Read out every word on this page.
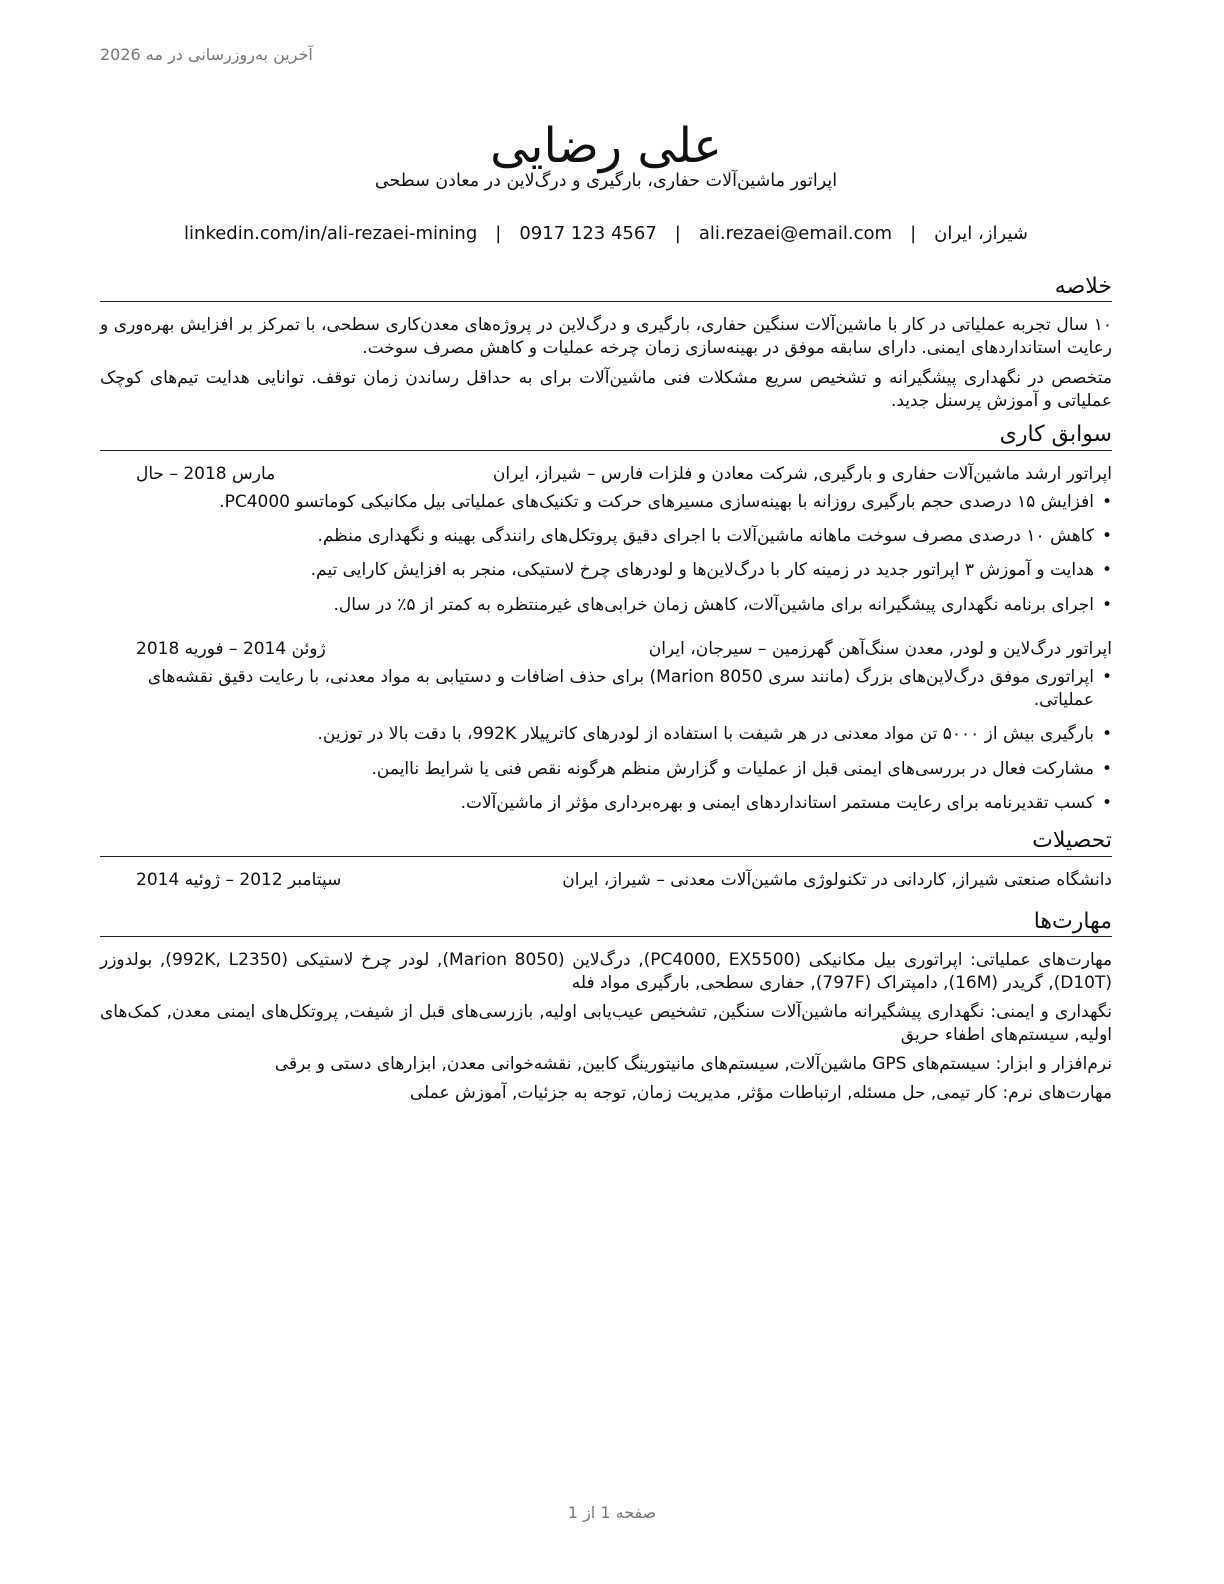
آخرین به‌روزرسانی در مه 2026
علی رضایی
اپراتور ماشین‌آلات حفاری، بارگیری و درگ‌لاین در معادن سطحی
شیراز، ایران
|
ali.rezaei@email.com
|
0917 123 4567
|
linkedin.com/in/ali-rezaei-mining
خلاصه

۱۰ سال تجربه عملیاتی در کار با ماشین‌آلات سنگین حفاری، بارگیری و درگ‌لاین در پروژه‌های معدن‌کاری سطحی، با تمرکز بر افزایش بهره‌وری و رعایت استانداردهای ایمنی. دارای سابقه موفق در بهینه‌سازی زمان چرخه عملیات و کاهش مصرف سوخت.

متخصص در نگهداری پیشگیرانه و تشخیص سریع مشکلات فنی ماشین‌آلات برای به حداقل رساندن زمان توقف. توانایی هدایت تیم‌های کوچک عملیاتی و آموزش پرسنل جدید.

سوابق کاری
اپراتور ارشد ماشین‌آلات حفاری و بارگیری, شرکت معادن و فلزات فارس – شیراز، ایران
مارس 2018 – حال
• افزایش ۱۵ درصدی حجم بارگیری روزانه با بهینه‌سازی مسیرهای حرکت و تکنیک‌های عملیاتی بیل مکانیکی کوماتسو PC4000.
• کاهش ۱۰ درصدی مصرف سوخت ماهانه ماشین‌آلات با اجرای دقیق پروتکل‌های رانندگی بهینه و نگهداری منظم.
• هدایت و آموزش ۳ اپراتور جدید در زمینه کار با درگ‌لاین‌ها و لودرهای چرخ لاستیکی، منجر به افزایش کارایی تیم.
• اجرای برنامه نگهداری پیشگیرانه برای ماشین‌آلات، کاهش زمان خرابی‌های غیرمنتظره به کمتر از ۵٪ در سال.
اپراتور درگ‌لاین و لودر, معدن سنگ‌آهن گهرزمین – سیرجان، ایران
ژوئن 2014 – فوریه 2018
• اپراتوری موفق درگ‌لاین‌های بزرگ (مانند سری Marion 8050) برای حذف اضافات و دستیابی به مواد معدنی، با رعایت دقیق نقشه‌های عملیاتی.
• بارگیری بیش از ۵۰۰۰ تن مواد معدنی در هر شیفت با استفاده از لودرهای کاترپیلار 992K، با دقت بالا در توزین.
• مشارکت فعال در بررسی‌های ایمنی قبل از عملیات و گزارش منظم هرگونه نقص فنی یا شرایط ناایمن.
• کسب تقدیرنامه برای رعایت مستمر استانداردهای ایمنی و بهره‌برداری مؤثر از ماشین‌آلات.
تحصیلات
دانشگاه صنعتی شیراز, کاردانی در تکنولوژی ماشین‌آلات معدنی – شیراز، ایران
سپتامبر 2012 – ژوئیه 2014
مهارت‌ها

مهارت‌های عملیاتی: اپراتوری بیل مکانیکی (PC4000, EX5500), درگ‌لاین (Marion 8050), لودر چرخ لاستیکی (992K, L2350), بولدوزر (D10T), گریدر (16M), دامپتراک (797F), حفاری سطحی, بارگیری مواد فله

نگهداری و ایمنی: نگهداری پیشگیرانه ماشین‌آلات سنگین, تشخیص عیب‌یابی اولیه, بازرسی‌های قبل از شیفت, پروتکل‌های ایمنی معدن, کمک‌های اولیه, سیستم‌های اطفاء حریق

نرم‌افزار و ابزار: سیستم‌های GPS ماشین‌آلات, سیستم‌های مانیتورینگ کابین, نقشه‌خوانی معدن, ابزارهای دستی و برقی

مهارت‌های نرم: کار تیمی, حل مسئله, ارتباطات مؤثر, مدیریت زمان, توجه به جزئیات, آموزش عملی

صفحه 1 از 1
